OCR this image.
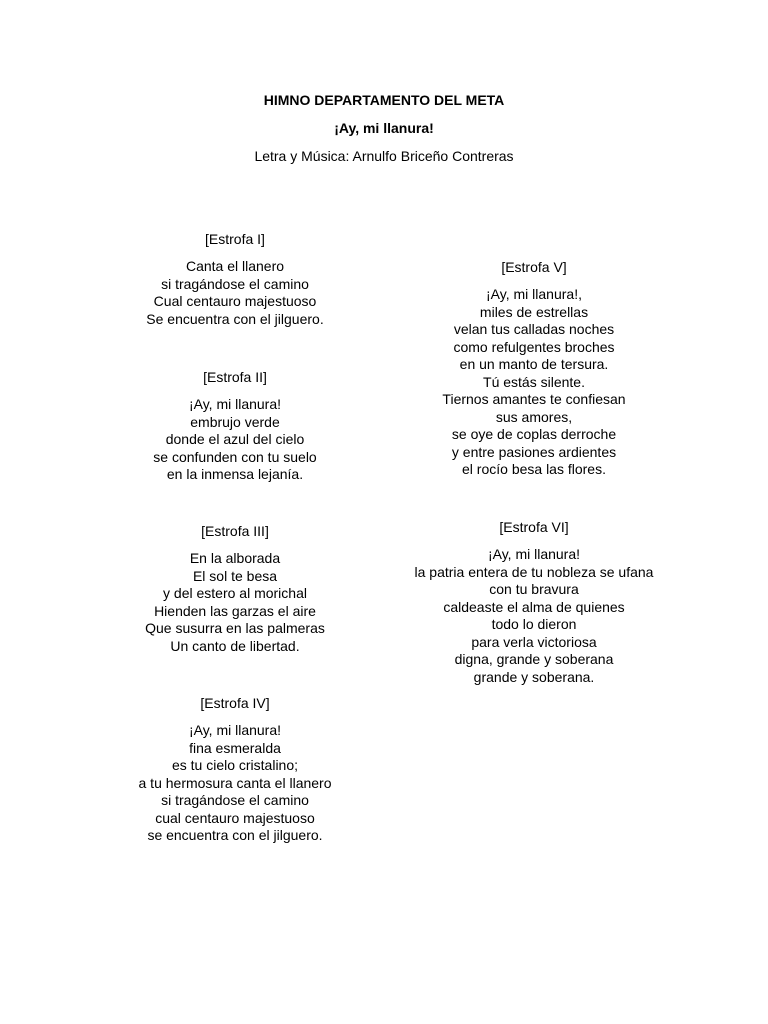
HIMNO DEPARTAMENTO DEL META
¡Ay, mi llanura!
Letra y Música: Arnulfo Briceño Contreras
[Estrofa I]
Canta el llanero
si tragándose el camino
Cual centauro majestuoso
Se encuentra con el jilguero.
[Estrofa II]
¡Ay, mi llanura!
embrujo verde
donde el azul del cielo
se confunden con tu suelo
en la inmensa lejanía.
[Estrofa III]
En la alborada
El sol te besa
y del estero al morichal
Hienden las garzas el aire
Que susurra en las palmeras
Un canto de libertad.
[Estrofa IV]
¡Ay, mi llanura!
fina esmeralda
es tu cielo cristalino;
a tu hermosura canta el llanero
si tragándose el camino
cual centauro majestuoso
se encuentra con el jilguero.
[Estrofa V]
¡Ay, mi llanura!,
miles de estrellas
velan tus calladas noches
como refulgentes broches
en un manto de tersura.
Tú estás silente.
Tiernos amantes te confiesan
sus amores,
se oye de coplas derroche
y entre pasiones ardientes
el rocío besa las flores.
[Estrofa VI]
¡Ay, mi llanura!
la patria entera de tu nobleza se ufana
con tu bravura
caldeaste el alma de quienes
todo lo dieron
para verla victoriosa
digna, grande y soberana
grande y soberana.
